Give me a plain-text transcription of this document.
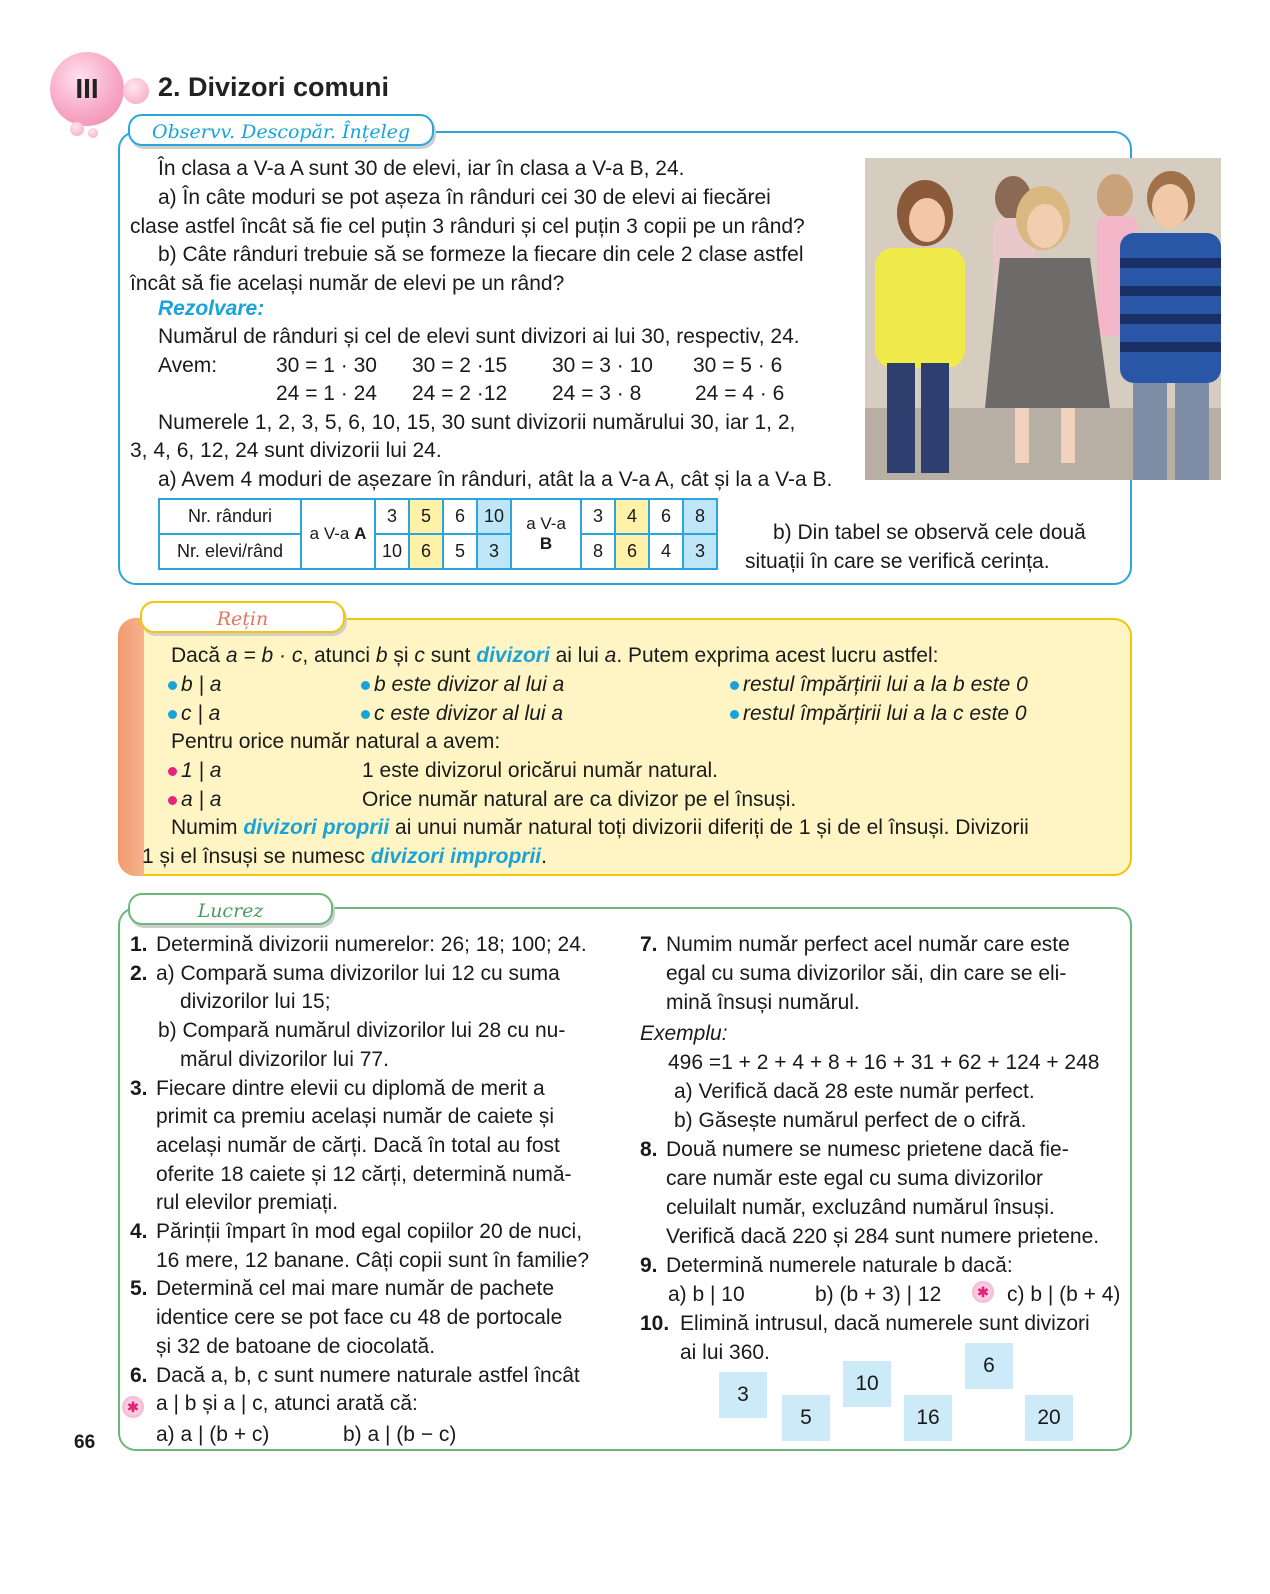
III	2. Divizori comuni
Observv. Descopăr. Înțeleg
În clasa a V-a A sunt 30 de elevi, iar în clasa a V-a B, 24.
a) În câte moduri se pot așeza în rânduri cei 30 de elevi ai fiecărei
clase astfel încât să fie cel puțin 3 rânduri și cel puțin 3 copii pe un rând?
b) Câte rânduri trebuie să se formeze la fiecare din cele 2 clase astfel
încât să fie același număr de elevi pe un rând?
Rezolvare:
Numărul de rânduri și cel de elevi sunt divizori ai lui 30, respectiv, 24.
Avem:	30 = 1 · 30 30 = 2 ·15 30 = 3 · 10 30 = 5 · 6
24 = 1 · 24 24 = 2 ·12 24 = 3 · 8	24 = 4 · 6
Numerele 1, 2, 3, 5, 6, 10, 15, 30 sunt divizorii numărului 30, iar 1, 2,
3, 4, 6, 12, 24 sunt divizorii lui 24.
a) Avem 4 moduri de așezare în rânduri, atât la a V-a A, cât și la a V-a B.
Nr. rânduri	a V-a A	3	5	6	10	a V-a B	3	4	6	8
Nr. elevi/rând		10	6	5	3		8	6	4	3
b) Din tabel se observă cele două
situații în care se verifică cerința.
Rețin
Dacă a = b · c, atunci b și c sunt divizori ai lui a. Putem exprima acest lucru astfel:
b | a	b este divizor al lui a	restul împărțirii lui a la b este 0
c | a	c este divizor al lui a	restul împărțirii lui a la c este 0
Pentru orice număr natural a avem:
1 | a	1 este divizorul oricărui număr natural.
a | a	Orice număr natural are ca divizor pe el însuși.
Numim divizori proprii ai unui număr natural toți divizorii diferiți de 1 și de el însuși. Divizorii
1 și el însuși se numesc divizori improprii.
Lucrez
1. Determină divizorii numerelor: 26; 18; 100; 24.
2. a) Compară suma divizorilor lui 12 cu suma
divizorilor lui 15;
b) Compară numărul divizorilor lui 28 cu nu-
mărul divizorilor lui 77.
3. Fiecare dintre elevii cu diplomă de merit a
primit ca premiu același număr de caiete și
același număr de cărți. Dacă în total au fost
oferite 18 caiete și 12 cărți, determină numă-
rul elevilor premiați.
4. Părinții împart în mod egal copiilor 20 de nuci,
16 mere, 12 banane. Câți copii sunt în familie?
5. Determină cel mai mare număr de pachete
identice cere se pot face cu 48 de portocale
și 32 de batoane de ciocolată.
6. Dacă a, b, c sunt numere naturale astfel încât
a | b și a | c, atunci arată că:
a) a | (b + c)	b) a | (b − c)
✱
7. Numim număr perfect acel număr care este
egal cu suma divizorilor săi, din care se eli-
mină însuși numărul.
Exemplu:
496 =1 + 2 + 4 + 8 + 16 + 31 + 62 + 124 + 248
a) Verifică dacă 28 este număr perfect.
b) Găsește numărul perfect de o cifră.
8. Două numere se numesc prietene dacă fie-
care număr este egal cu suma divizorilor
celuilalt număr, excluzând numărul însuși.
Verifică dacă 220 și 284 sunt numere prietene.
9. Determină numerele naturale b dacă:
a) b | 10	b) (b + 3) | 12	✱ c) b | (b + 4)
10. Elimină intrusul, dacă numerele sunt divizori
ai lui 360.
3
5
10
16
6
20
66
